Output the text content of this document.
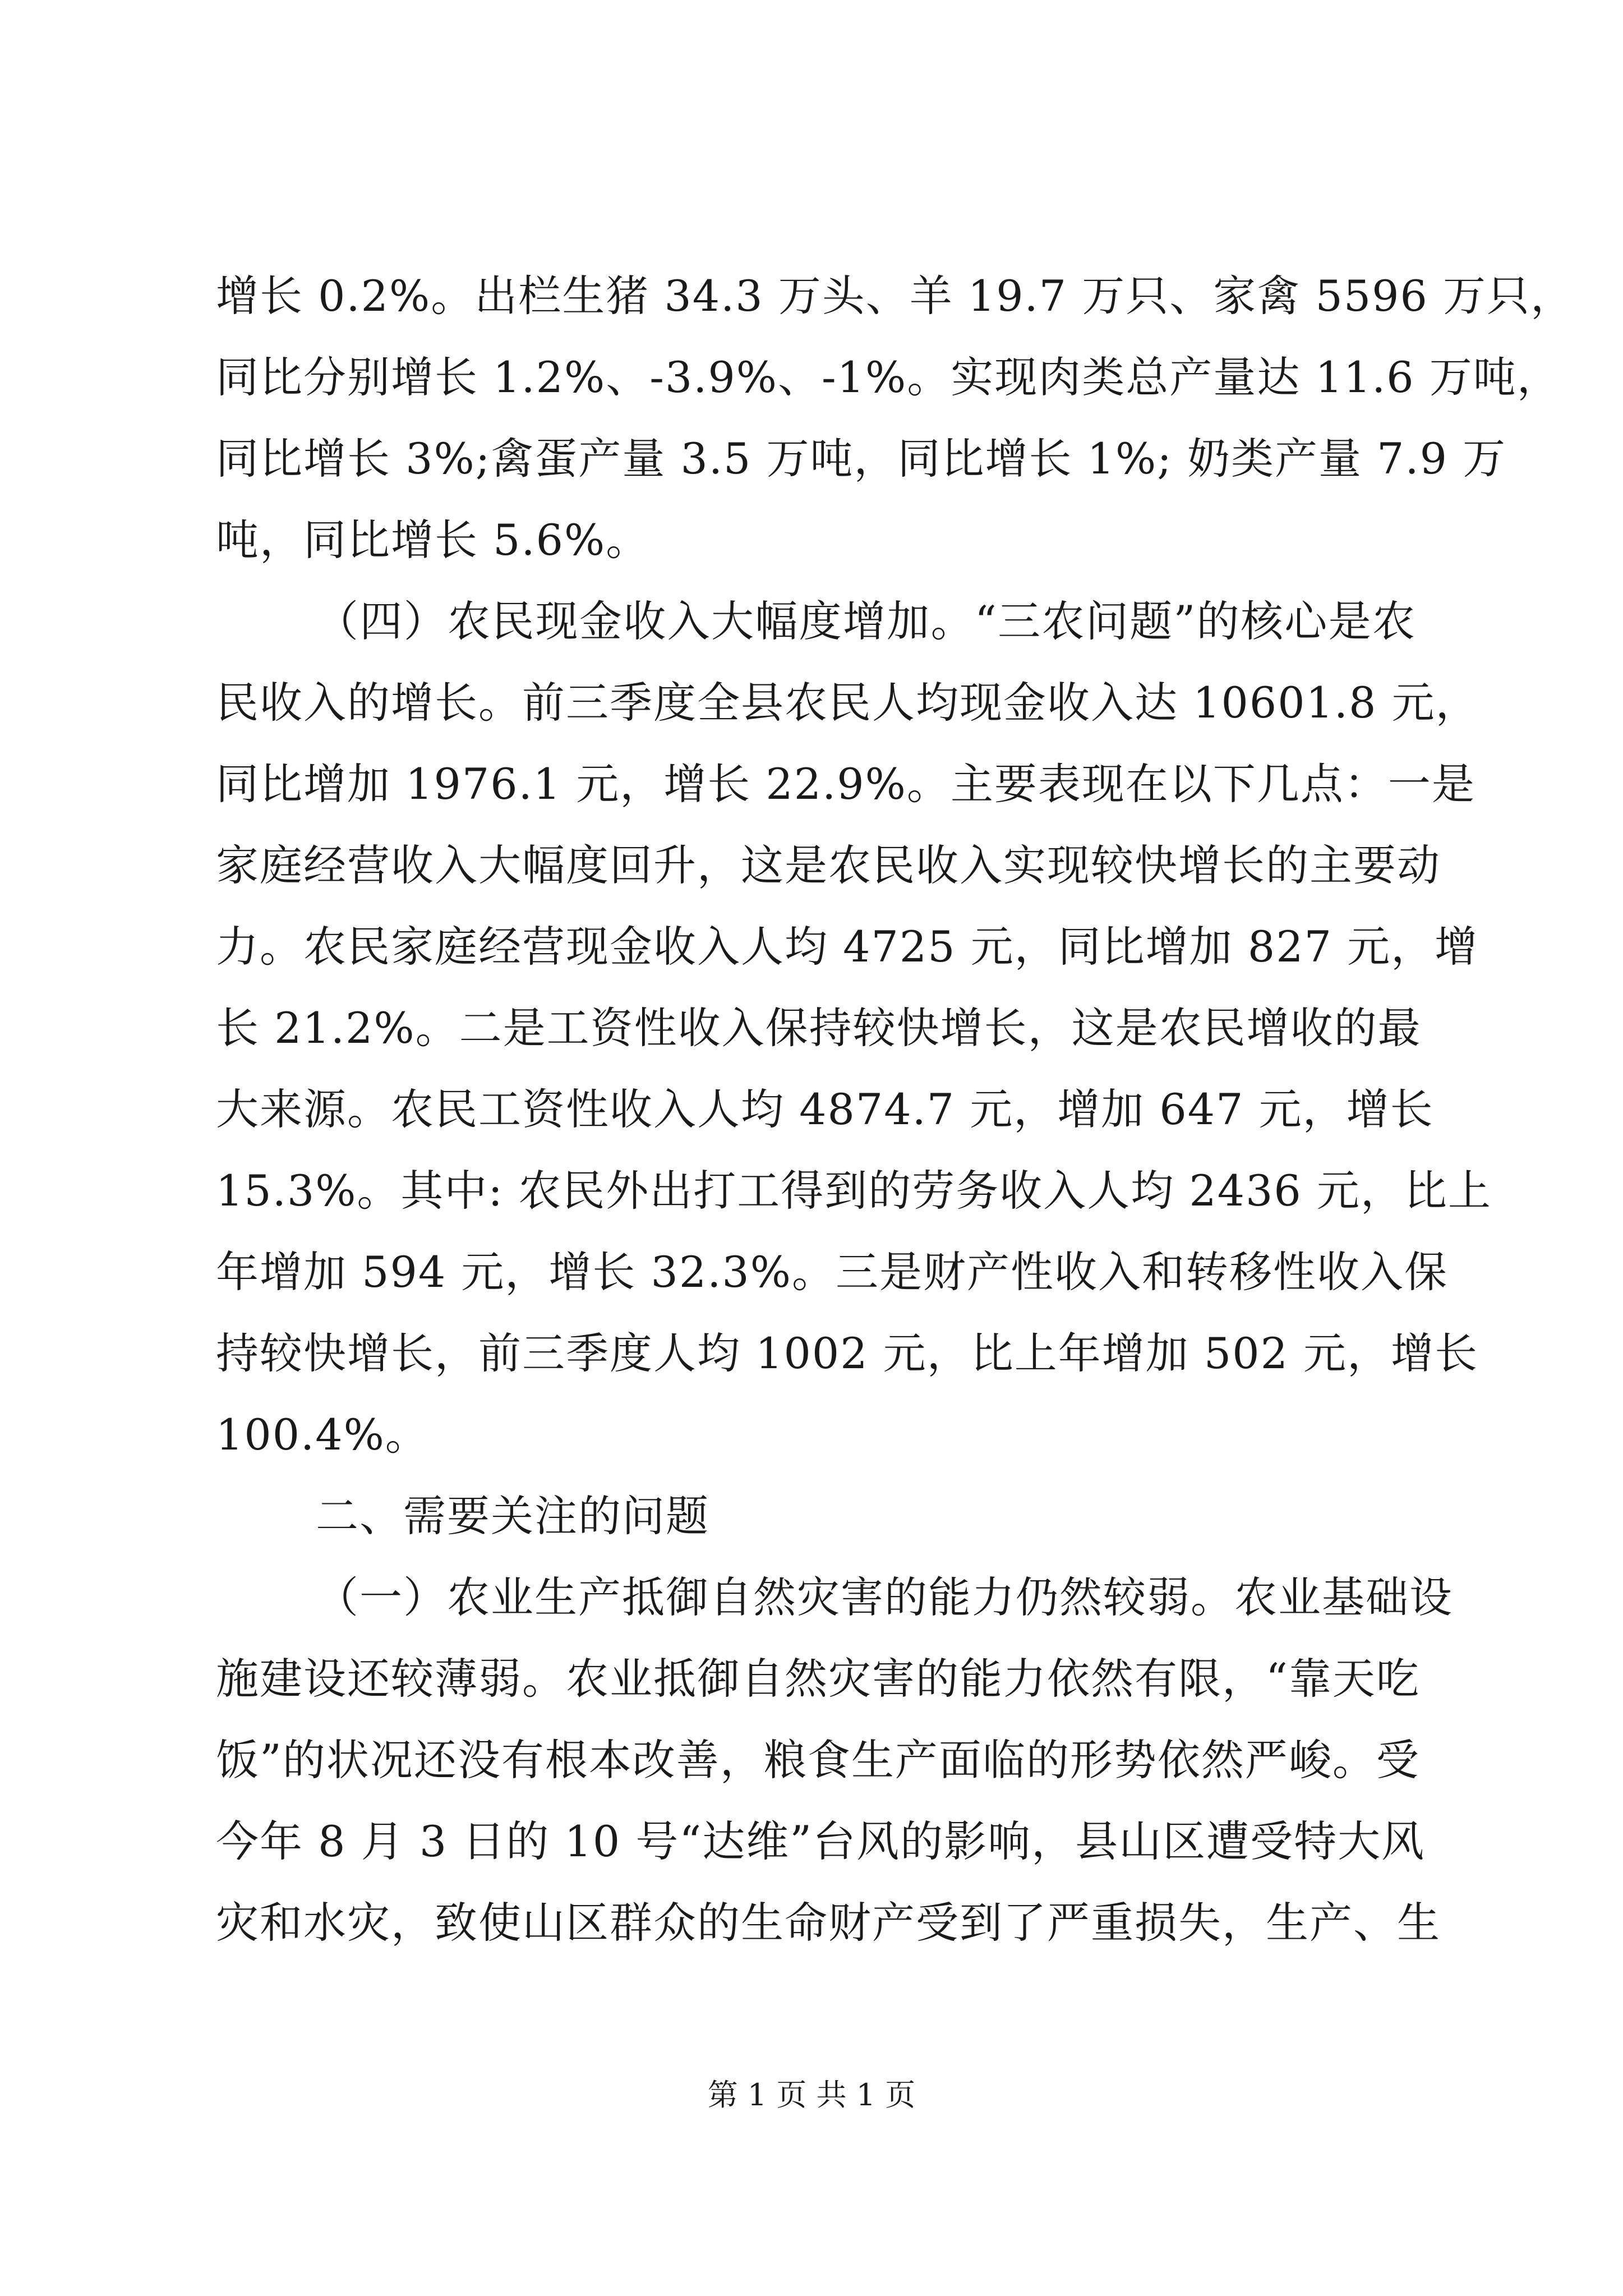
增长 0.2%。出栏生猪 34.3 万头、羊 19.7 万只、家禽 5596 万只，
同比分别增长 1.2%、-3.9%、-1%。实现肉类总产量达 11.6 万吨，
同比增长 3%;禽蛋产量 3.5 万吨，同比增长 1%; 奶类产量 7.9 万
吨，同比增长 5.6%。
（四）农民现金收入大幅度增加。“三农问题”的核心是农
民收入的增长。前三季度全县农民人均现金收入达 10601.8 元，
同比增加 1976.1 元，增长 22.9%。主要表现在以下几点：一是
家庭经营收入大幅度回升，这是农民收入实现较快增长的主要动
力。农民家庭经营现金收入人均 4725 元，同比增加 827 元，增
长 21.2%。二是工资性收入保持较快增长，这是农民增收的最
大来源。农民工资性收入人均 4874.7 元，增加 647 元，增长
15.3%。其中: 农民外出打工得到的劳务收入人均 2436 元，比上
年增加 594 元，增长 32.3%。三是财产性收入和转移性收入保
持较快增长，前三季度人均 1002 元，比上年增加 502 元，增长
100.4%。
二、需要关注的问题
（一）农业生产抵御自然灾害的能力仍然较弱。农业基础设
施建设还较薄弱。农业抵御自然灾害的能力依然有限，“靠天吃
饭”的状况还没有根本改善，粮食生产面临的形势依然严峻。受
今年 8 月 3 日的 10 号“达维”台风的影响，县山区遭受特大风
灾和水灾，致使山区群众的生命财产受到了严重损失，生产、生
第 1 页 共 1 页
